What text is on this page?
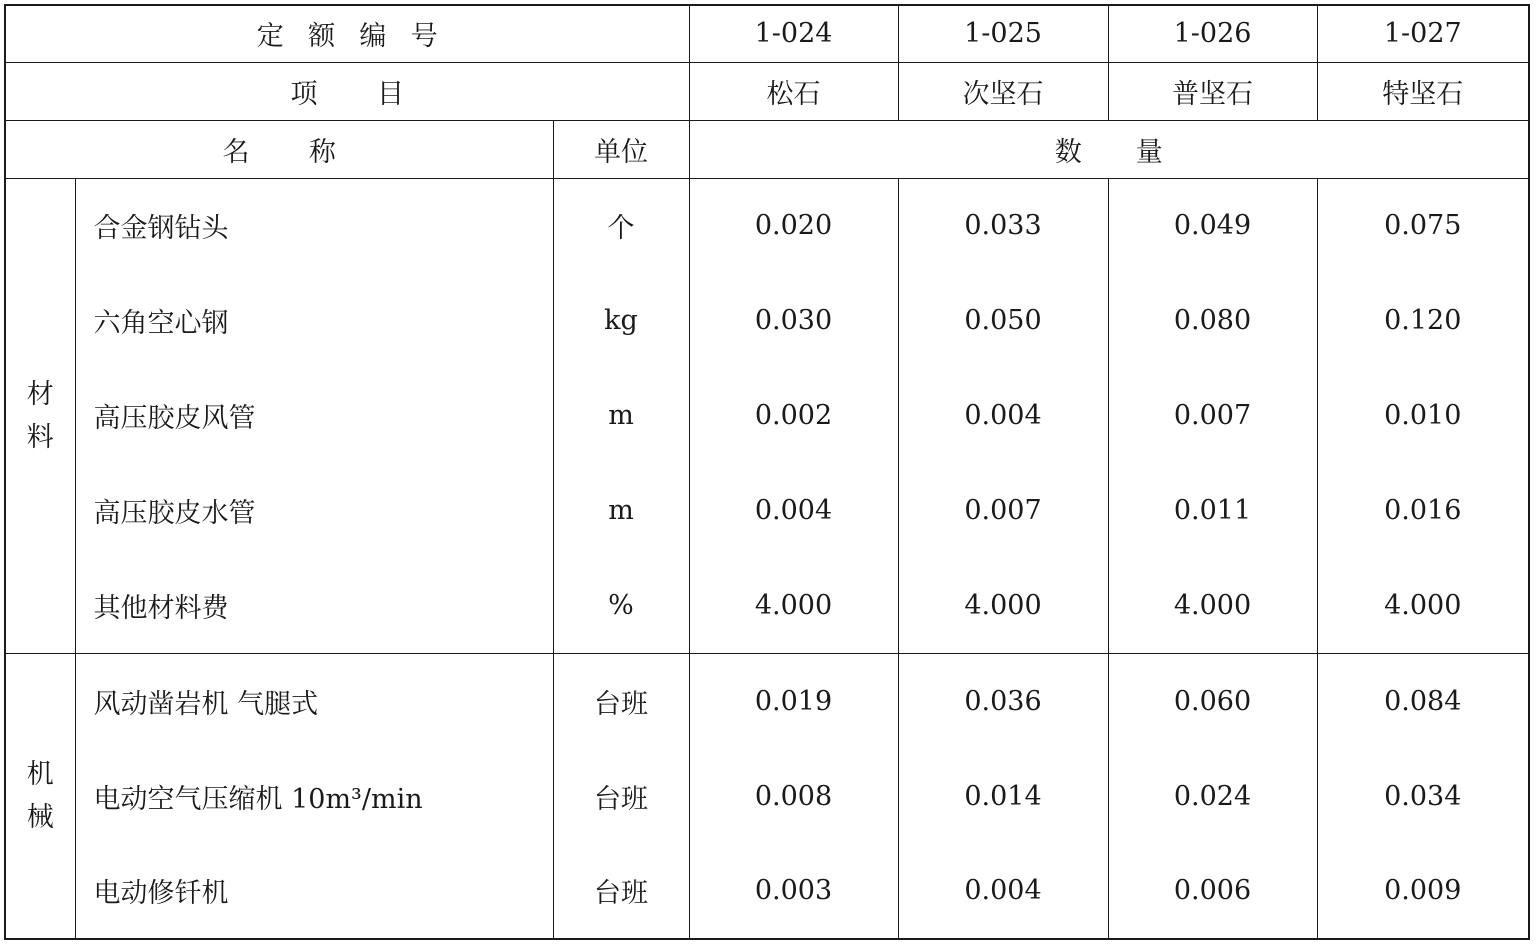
定额编号			1-024	1-025	1-026	1-027
项目			松石	次坚石	普坚石	特坚石
名称		单位	数量			
材料	合金钢钻头	个	0.020	0.033	0.049	0.075
	六角空心钢	kg	0.030	0.050	0.080	0.120
	高压胶皮风管	m	0.002	0.004	0.007	0.010
	高压胶皮水管	m	0.004	0.007	0.011	0.016
	其他材料费	%	4.000	4.000	4.000	4.000
机械	风动凿岩机 气腿式	台班	0.019	0.036	0.060	0.084
	电动空气压缩机 10m³/min	台班	0.008	0.014	0.024	0.034
	电动修钎机	台班	0.003	0.004	0.006	0.009
